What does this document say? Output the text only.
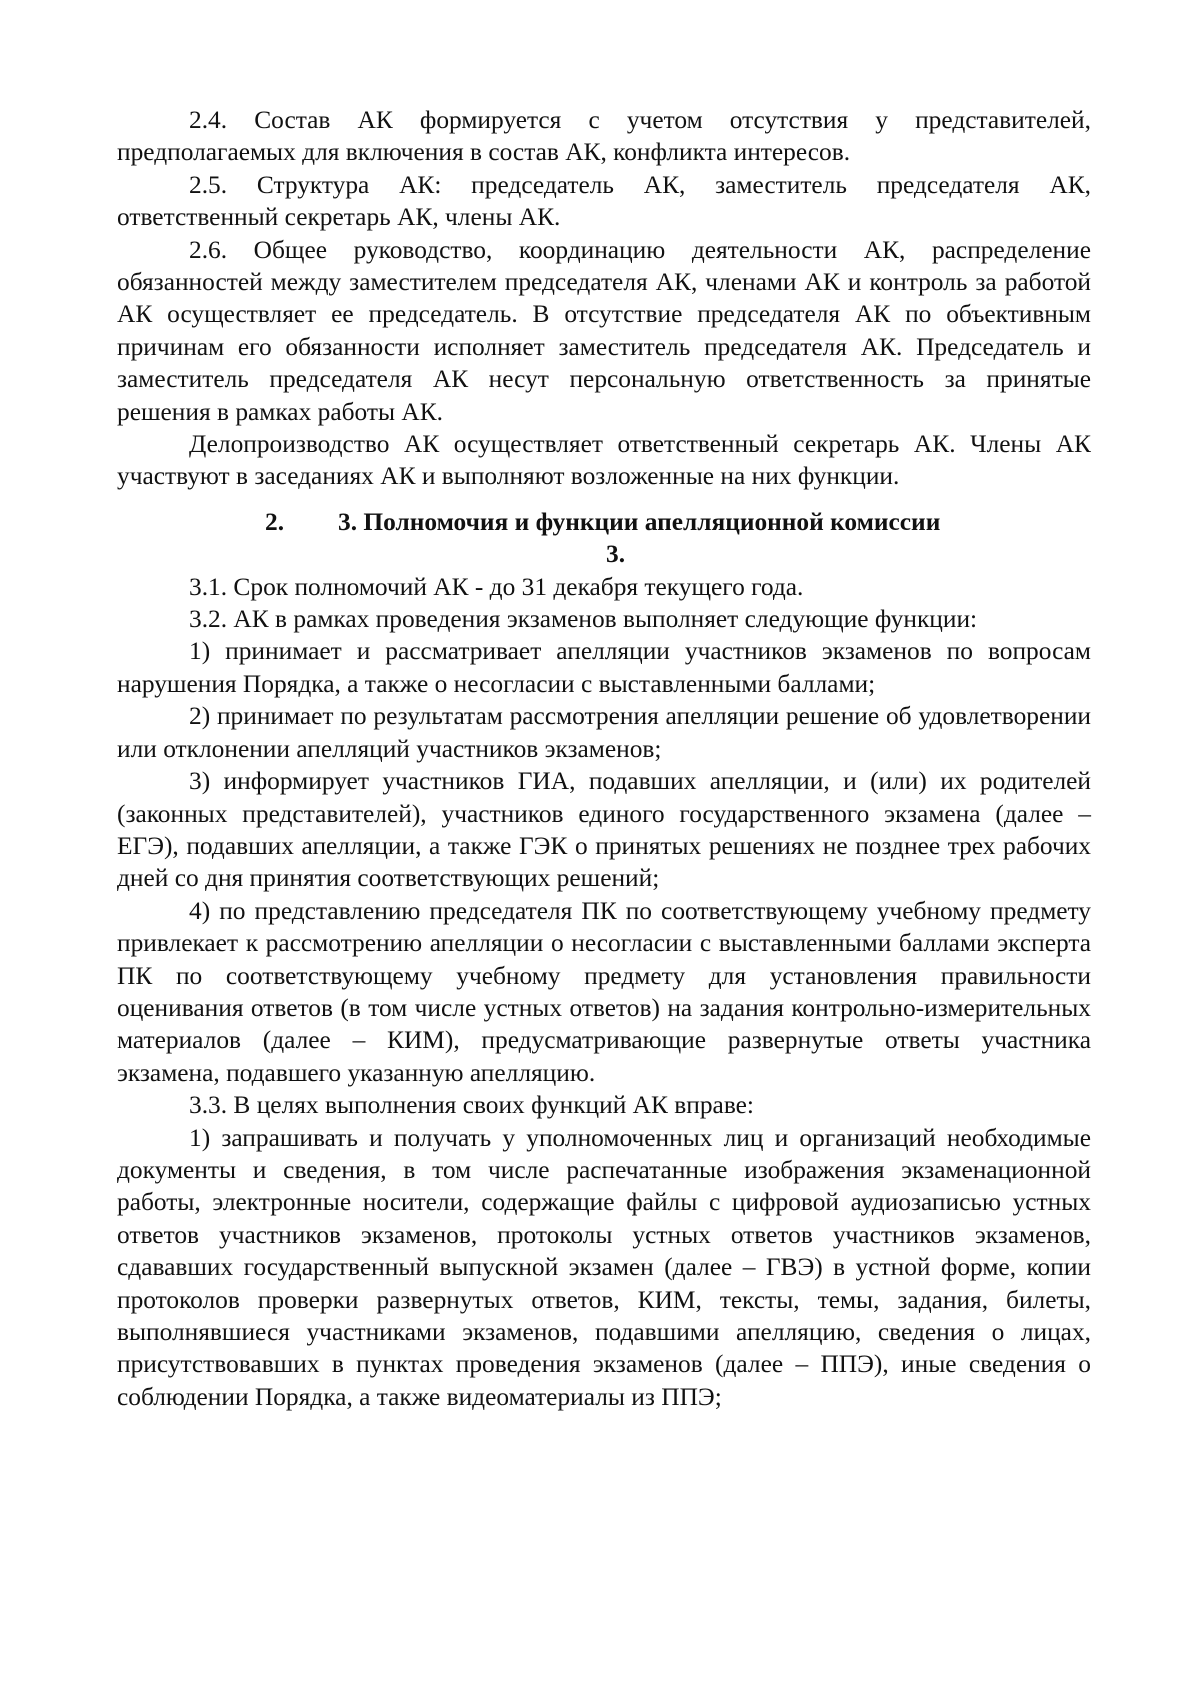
2.4. Состав АК формируется с учетом отсутствия у представителей, предполагаемых для включения в состав АК, конфликта интересов.

2.5. Структура АК: председатель АК, заместитель председателя АК, ответственный секретарь АК, члены АК.

2.6. Общее руководство, координацию деятельности АК, распределение обязанностей между заместителем председателя АК, членами АК и контроль за работой АК осуществляет ее председатель. В отсутствие председателя АК по объективным причинам его обязанности исполняет заместитель председателя АК. Председатель и заместитель председателя АК несут персональную ответственность за принятые решения в рамках работы АК.

Делопроизводство АК осуществляет ответственный секретарь АК. Члены АК участвуют в заседаниях АК и выполняют возложенные на них функции.

2. 3. Полномочия и функции апелляционной комиссии
3.

3.1. Срок полномочий АК - до 31 декабря текущего года.

3.2. АК в рамках проведения экзаменов выполняет следующие функции:

1) принимает и рассматривает апелляции участников экзаменов по вопросам нарушения Порядка, а также о несогласии с выставленными баллами;

2) принимает по результатам рассмотрения апелляции решение об удовлетворении или отклонении апелляций участников экзаменов;

3) информирует участников ГИА, подавших апелляции, и (или) их родителей (законных представителей), участников единого государственного экзамена (далее – ЕГЭ), подавших апелляции, а также ГЭК о принятых решениях не позднее трех рабочих дней со дня принятия соответствующих решений;

4) по представлению председателя ПК по соответствующему учебному предмету привлекает к рассмотрению апелляции о несогласии с выставленными баллами эксперта ПК по соответствующему учебному предмету для установления правильности оценивания ответов (в том числе устных ответов) на задания контрольно-измерительных материалов (далее – КИМ), предусматривающие развернутые ответы участника экзамена, подавшего указанную апелляцию.

3.3. В целях выполнения своих функций АК вправе:

1) запрашивать и получать у уполномоченных лиц и организаций необходимые документы и сведения, в том числе распечатанные изображения экзаменационной работы, электронные носители, содержащие файлы с цифровой аудиозаписью устных ответов участников экзаменов, протоколы устных ответов участников экзаменов, сдававших государственный выпускной экзамен (далее – ГВЭ) в устной форме, копии протоколов проверки развернутых ответов, КИМ, тексты, темы, задания, билеты, выполнявшиеся участниками экзаменов, подавшими апелляцию, сведения о лицах, присутствовавших в пунктах проведения экзаменов (далее – ППЭ), иные сведения о соблюдении Порядка, а также видеоматериалы из ППЭ;
